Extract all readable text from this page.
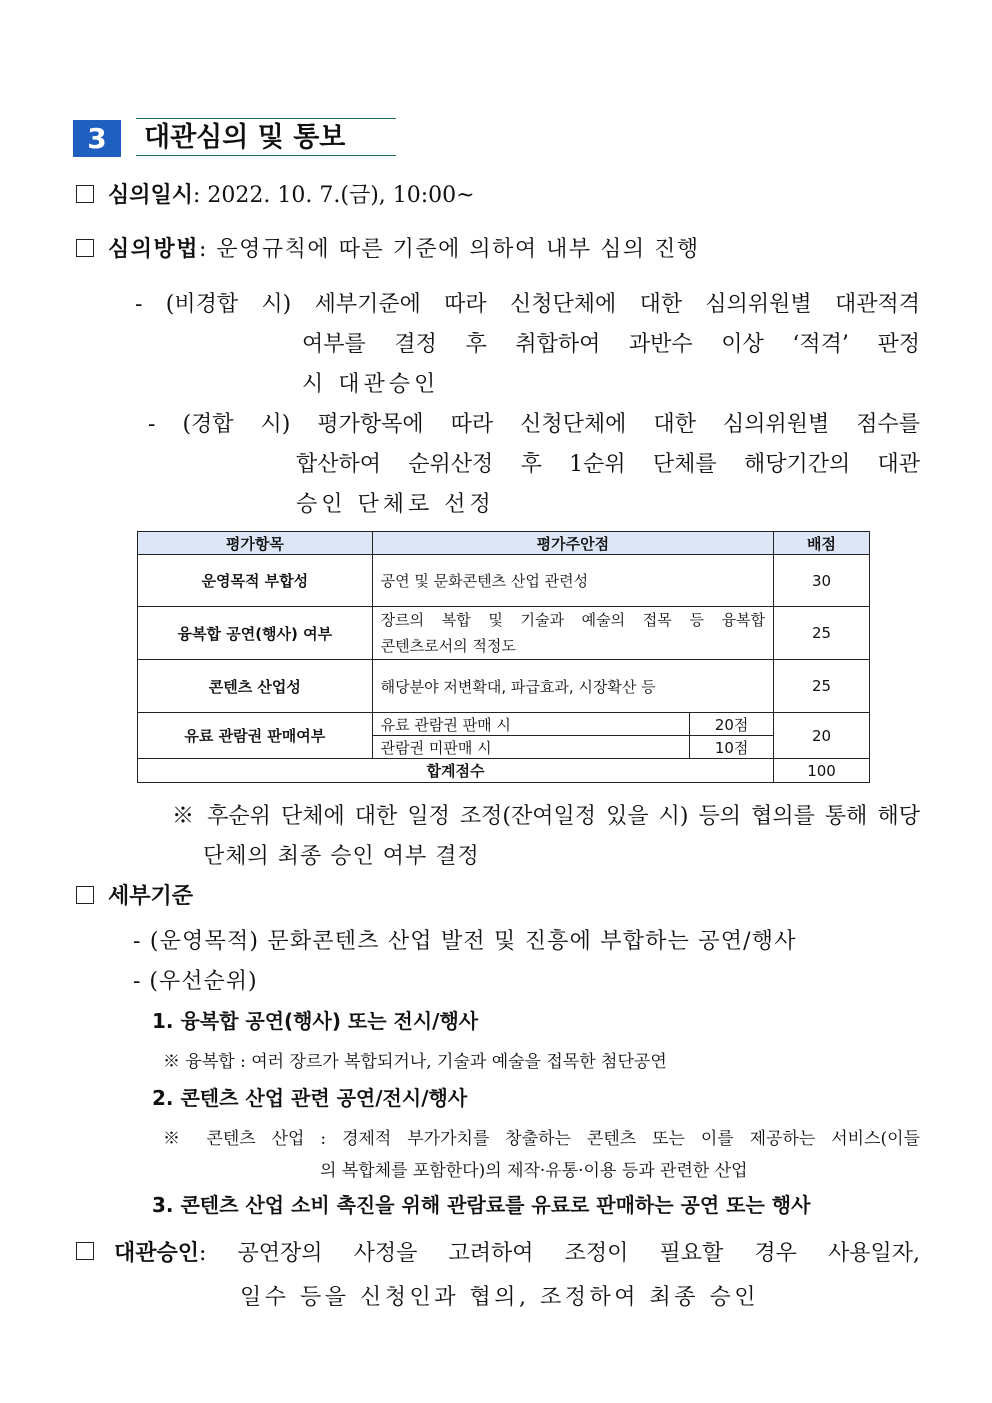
3	대관심의 및 통보
심의일시: 2022. 10. 7.(금), 10:00~
심의방법: 운영규칙에 따른 기준에 의하여 내부 심의 진행
- (비경합 시) 세부기준에 따라 신청단체에 대한 심의위원별 대관적격
여부를 결정 후 취합하여 과반수 이상 ‘적격’ 판정
시 대관승인
- (경합 시) 평가항목에 따라 신청단체에 대한 심의위원별 점수를
합산하여 순위산정 후 1순위 단체를 해당기간의 대관
승인 단체로 선정
평가항목	평가주안점		배점
운영목적 부합성	공연 및 문화콘텐츠 산업 관련성		30
융복합 공연(행사) 여부	장르의 복합 및 기술과 예술의 접목 등 융복합
콘텐츠로서의 적정도		25
콘텐츠 산업성	해당분야 저변확대, 파급효과, 시장확산 등		25
유료 관람권 판매여부	유료 관람권 판매 시	20점	20
	관람권 미판매 시	10점	
합계점수			100
※ 후순위 단체에 대한 일정 조정(잔여일정 있을 시) 등의 협의를 통해 해당
단체의 최종 승인 여부 결정
세부기준
- (운영목적) 문화콘텐츠 산업 발전 및 진흥에 부합하는 공연/행사
- (우선순위)
1. 융복합 공연(행사) 또는 전시/행사
※ 융복합 : 여러 장르가 복합되거나, 기술과 예술을 접목한 첨단공연
2. 콘텐츠 산업 관련 공연/전시/행사
※ 콘텐츠 산업 : 경제적 부가가치를 창출하는 콘텐츠 또는 이를 제공하는 서비스(이들
의 복합체를 포함한다)의 제작·유통·이용 등과 관련한 산업
3. 콘텐츠 산업 소비 촉진을 위해 관람료를 유료로 판매하는 공연 또는 행사
대관승인 : 공연장의 사정을 고려하여 조정이 필요할 경우 사용일자,
일수 등을 신청인과 협의, 조정하여 최종 승인
